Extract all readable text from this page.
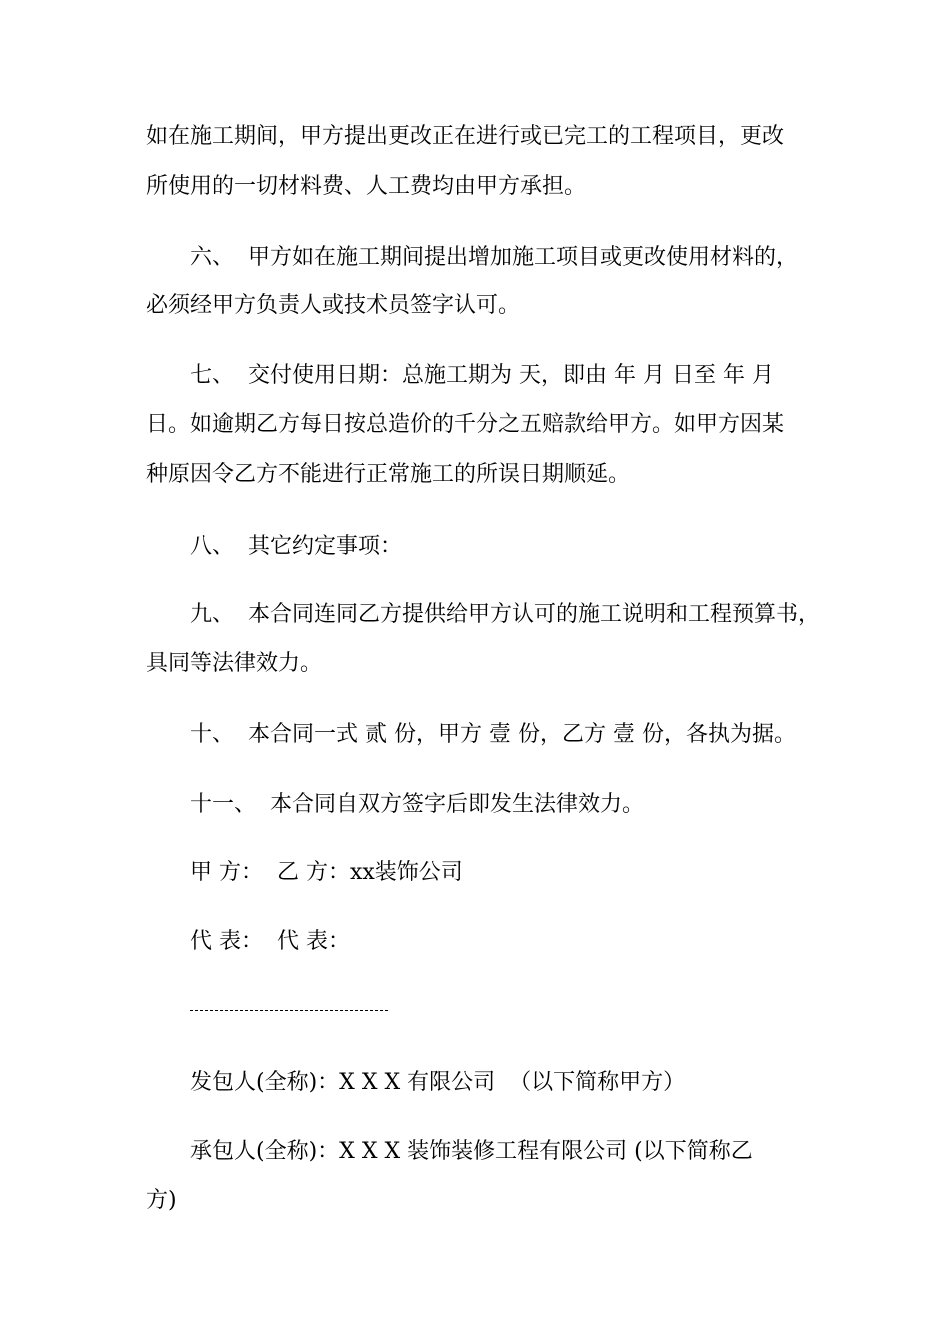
如在施工期间，甲方提出更改正在进行或已完工的工程项目，更改

所使用的一切材料费、人工费均由甲方承担。

六、  甲方如在施工期间提出增加施工项目或更改使用材料的，

必须经甲方负责人或技术员签字认可。

七、  交付使用日期：总施工期为 天，即由 年 月 日至 年 月

日。如逾期乙方每日按总造价的千分之五赔款给甲方。如甲方因某

种原因令乙方不能进行正常施工的所误日期顺延。

八、  其它约定事项：

九、  本合同连同乙方提供给甲方认可的施工说明和工程预算书，

具同等法律效力。

十、  本合同一式 贰 份，甲方 壹 份，乙方 壹 份，各执为据。

十一、  本合同自双方签字后即发生法律效力。

甲 方：  乙 方：xx装饰公司

代 表：  代 表：

发包人(全称)：X X X 有限公司  （以下简称甲方）

承包人(全称)：X X X 装饰装修工程有限公司 (以下简称乙

方)
